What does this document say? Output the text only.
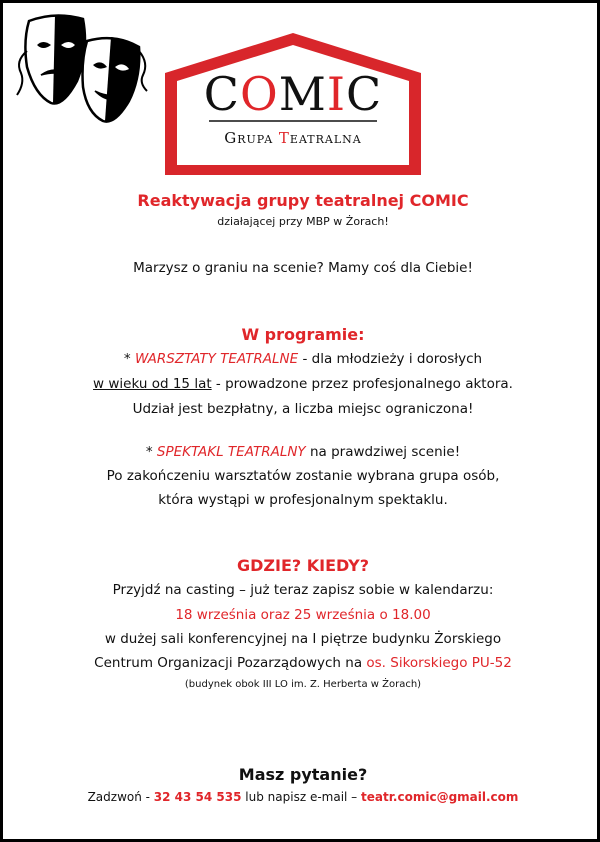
COMIC
Grupa Teatralna
Reaktywacja grupy teatralnej COMIC
działającej przy MBP w Żorach!
Marzysz o graniu na scenie? Mamy coś dla Ciebie!
W programie:
* WARSZTATY TEATRALNE - dla młodzieży i dorosłych
w wieku od 15 lat - prowadzone przez profesjonalnego aktora.
Udział jest bezpłatny, a liczba miejsc ograniczona!
* SPEKTAKL TEATRALNY na prawdziwej scenie!
Po zakończeniu warsztatów zostanie wybrana grupa osób,
która wystąpi w profesjonalnym spektaklu.
GDZIE? KIEDY?
Przyjdź na casting – już teraz zapisz sobie w kalendarzu:
18 września oraz 25 września o 18.00
w dużej sali konferencyjnej na I piętrze budynku Żorskiego
Centrum Organizacji Pozarządowych na os. Sikorskiego PU-52
(budynek obok III LO im. Z. Herberta w Żorach)
Masz pytanie?
Zadzwoń - 32 43 54 535 lub napisz e-mail – teatr.comic@gmail.com
